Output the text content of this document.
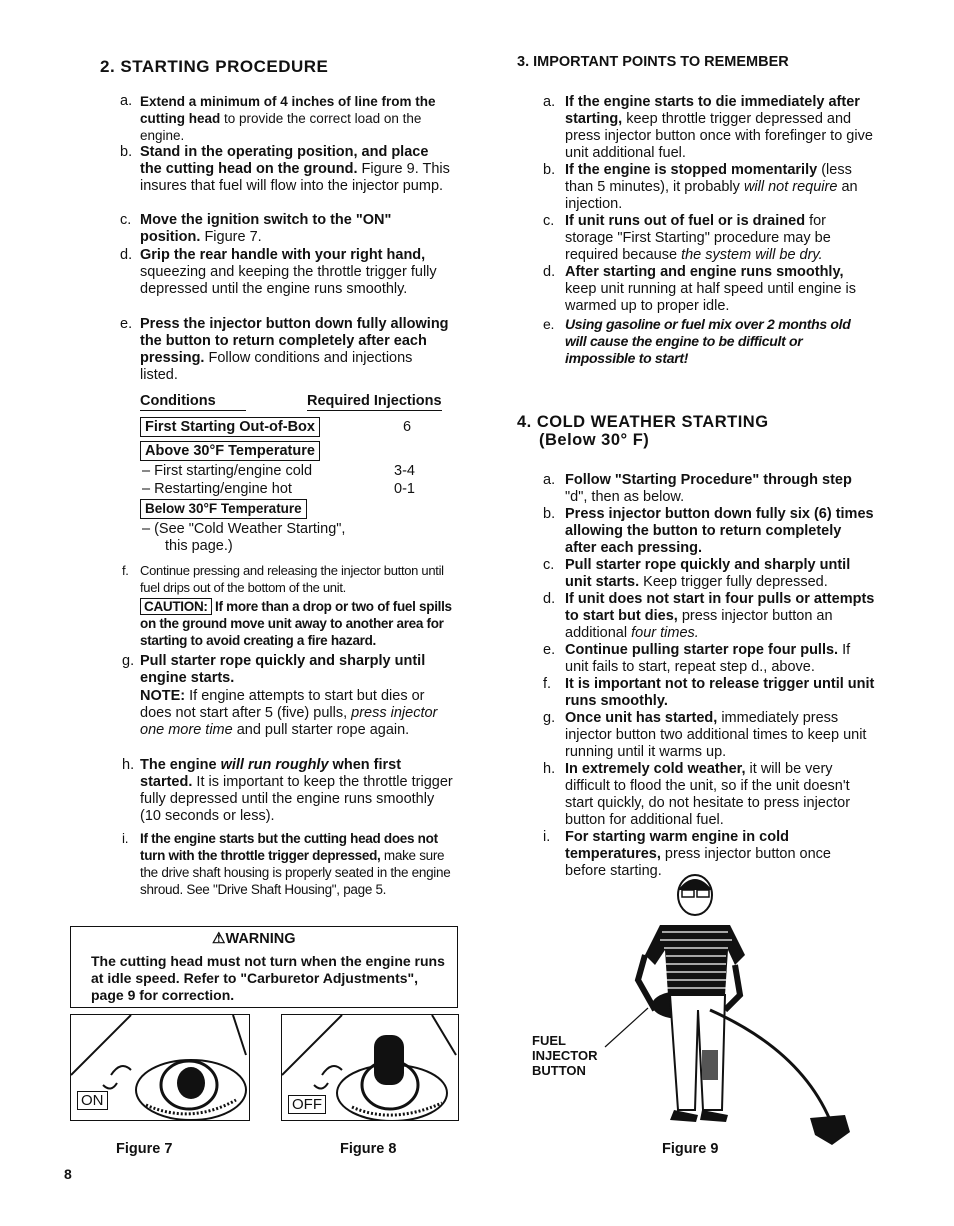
2. STARTING PROCEDURE
a. Extend a minimum of 4 inches of line from the cutting head to provide the correct load on the engine.
b. Stand in the operating position, and place the cutting head on the ground. Figure 9. This insures that fuel will flow into the injector pump.
c. Move the ignition switch to the "ON" position. Figure 7.
d. Grip the rear handle with your right hand, squeezing and keeping the throttle trigger fully depressed until the engine runs smoothly.
e. Press the injector button down fully allowing the button to return completely after each pressing. Follow conditions and injections listed.
Conditions	Required Injections
First Starting Out-of-Box	6
Above 30°F Temperature
– First starting/engine cold	3-4
– Restarting/engine hot	0-1
Below 30°F Temperature
– (See "Cold Weather Starting",
this page.)
f. Continue pressing and releasing the injector button until fuel drips out of the bottom of the unit.
CAUTION: If more than a drop or two of fuel spills on the ground move unit away to another area for starting to avoid creating a fire hazard.
g. Pull starter rope quickly and sharply until engine starts.
NOTE: If engine attempts to start but dies or does not start after 5 (five) pulls, press injector one more time and pull starter rope again.
h. The engine will run roughly when first started. It is important to keep the throttle trigger fully depressed until the engine runs smoothly (10 seconds or less).
i. If the engine starts but the cutting head does not turn with the throttle trigger depressed, make sure the drive shaft housing is properly seated in the engine shroud. See "Drive Shaft Housing", page 5.
⚠WARNING
The cutting head must not turn when the engine runs at idle speed. Refer to "Carburetor Adjustments", page 9 for correction.
ON
Figure 7
OFF
Figure 8
8
3. IMPORTANT POINTS TO REMEMBER
a. If the engine starts to die immediately after starting, keep throttle trigger depressed and press injector button once with forefinger to give unit additional fuel.
b. If the engine is stopped momentarily (less than 5 minutes), it probably will not require an injection.
c. If unit runs out of fuel or is drained for storage "First Starting" procedure may be required because the system will be dry.
d. After starting and engine runs smoothly, keep unit running at half speed until engine is warmed up to proper idle.
e. Using gasoline or fuel mix over 2 months old will cause the engine to be difficult or impossible to start!
4. COLD WEATHER STARTING
(Below 30° F)
a. Follow "Starting Procedure" through step "d", then as below.
b. Press injector button down fully six (6) times allowing the button to return completely after each pressing.
c. Pull starter rope quickly and sharply until unit starts. Keep trigger fully depressed.
d. If unit does not start in four pulls or attempts to start but dies, press injector button an additional four times.
e. Continue pulling starter rope four pulls. If unit fails to start, repeat step d., above.
f. It is important not to release trigger until unit runs smoothly.
g. Once unit has started, immediately press injector button two additional times to keep unit running until it warms up.
h. In extremely cold weather, it will be very difficult to flood the unit, so if the unit doesn't start quickly, do not hesitate to press injector button for additional fuel.
i. For starting warm engine in cold temperatures, press injector button once before starting.
FUEL
INJECTOR
BUTTON
Figure 9
